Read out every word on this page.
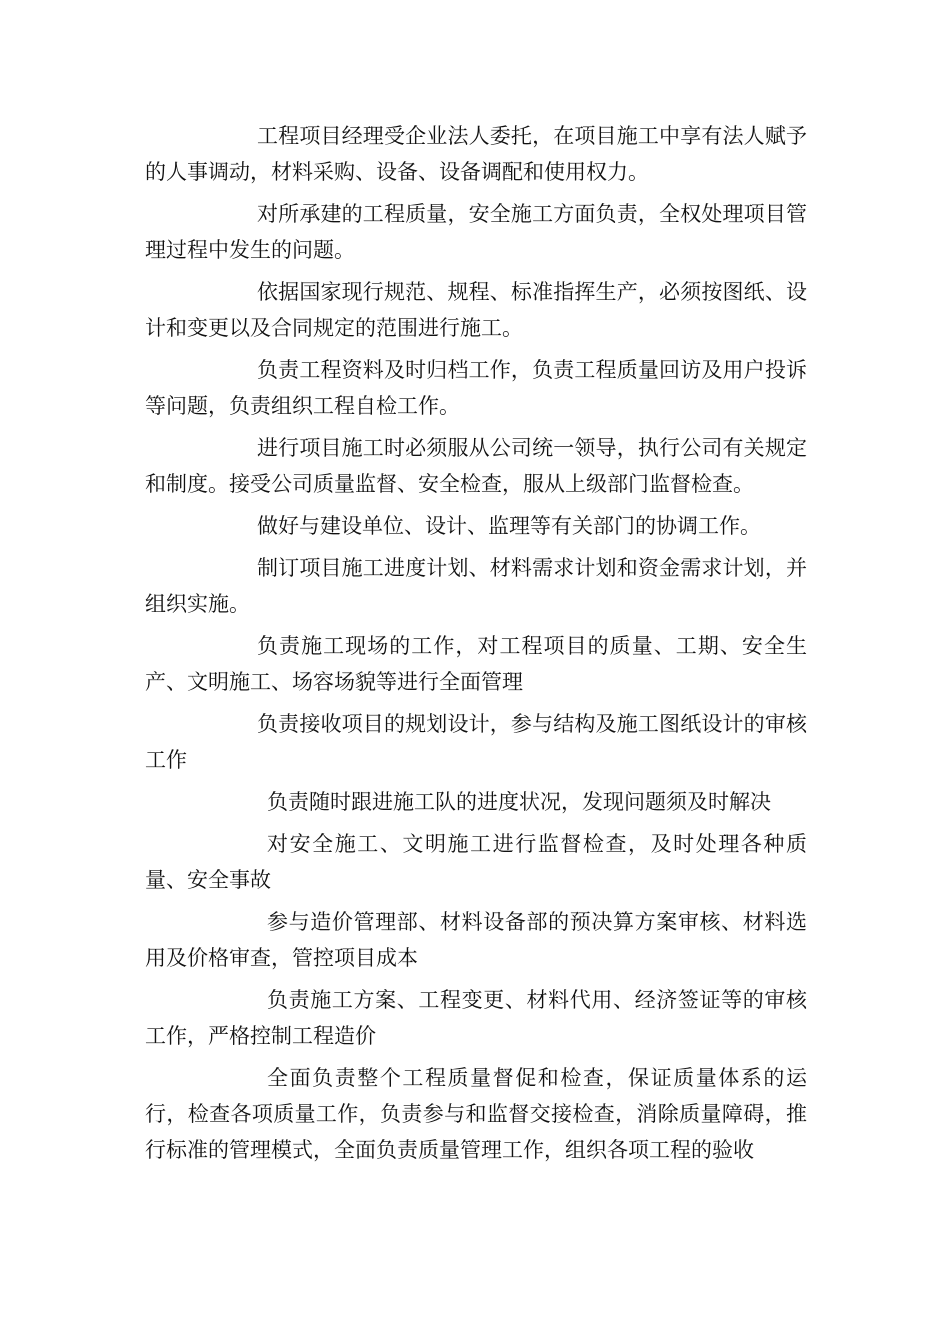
工程项目经理受企业法人委托，在项目施工中享有法人赋予的人事调动，材料采购、设备、设备调配和使用权力。

对所承建的工程质量，安全施工方面负责，全权处理项目管理过程中发生的问题。

依据国家现行规范、规程、标准指挥生产，必须按图纸、设计和变更以及合同规定的范围进行施工。

负责工程资料及时归档工作，负责工程质量回访及用户投诉等问题，负责组织工程自检工作。

进行项目施工时必须服从公司统一领导，执行公司有关规定和制度。接受公司质量监督、安全检查，服从上级部门监督检查。

做好与建设单位、设计、监理等有关部门的协调工作。

制订项目施工进度计划、材料需求计划和资金需求计划，并组织实施。

负责施工现场的工作，对工程项目的质量、工期、安全生产、文明施工、场容场貌等进行全面管理

负责接收项目的规划设计，参与结构及施工图纸设计的审核工作

负责随时跟进施工队的进度状况，发现问题须及时解决

对安全施工、文明施工进行监督检查，及时处理各种质量、安全事故

参与造价管理部、材料设备部的预决算方案审核、材料选用及价格审查，管控项目成本

负责施工方案、工程变更、材料代用、经济签证等的审核工作，严格控制工程造价

全面负责整个工程质量督促和检查，保证质量体系的运行，检查各项质量工作，负责参与和监督交接检查，消除质量障碍，推行标准的管理模式，全面负责质量管理工作，组织各项工程的验收
